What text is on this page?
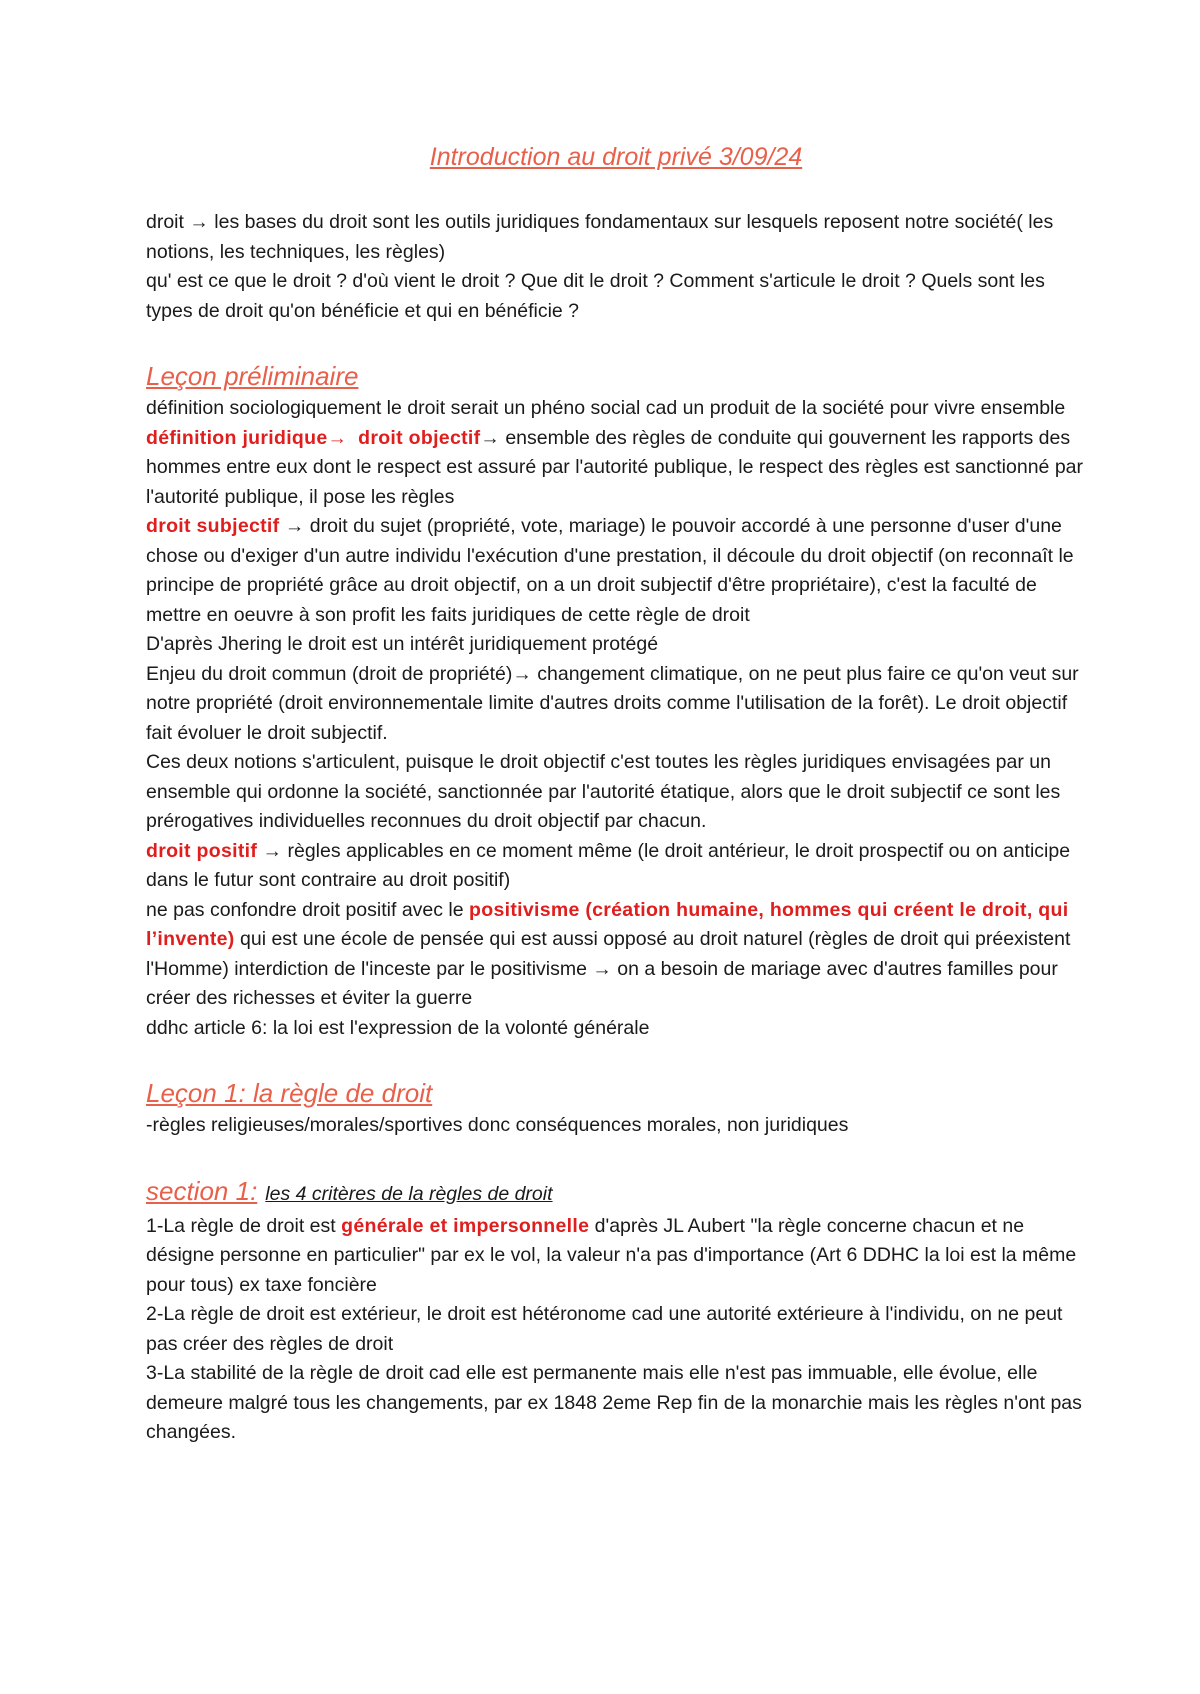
Introduction au droit privé 3/09/24

droit → les bases du droit sont les outils juridiques fondamentaux sur lesquels reposent notre société( les notions, les techniques, les règles)

qu' est ce que le droit ? d'où vient le droit ? Que dit le droit ? Comment s'articule le droit ? Quels sont les types de droit qu'on bénéficie et qui en bénéficie ?

Leçon préliminaire

définition sociologiquement le droit serait un phéno social cad un produit de la société pour vivre ensemble

définition juridique→ droit objectif→ ensemble des règles de conduite qui gouvernent les rapports des hommes entre eux dont le respect est assuré par l'autorité publique, le respect des règles est sanctionné par l'autorité publique, il pose les règles

droit subjectif → droit du sujet (propriété, vote, mariage) le pouvoir accordé à une personne d'user d'une chose ou d'exiger d'un autre individu l'exécution d'une prestation, il découle du droit objectif (on reconnaît le principe de propriété grâce au droit objectif, on a un droit subjectif d'être propriétaire), c'est la faculté de mettre en oeuvre à son profit les faits juridiques de cette règle de droit

D'après Jhering le droit est un intérêt juridiquement protégé

Enjeu du droit commun (droit de propriété)→ changement climatique, on ne peut plus faire ce qu'on veut sur notre propriété (droit environnementale limite d'autres droits comme l'utilisation de la forêt). Le droit objectif fait évoluer le droit subjectif.

Ces deux notions s'articulent, puisque le droit objectif c'est toutes les règles juridiques envisagées par un ensemble qui ordonne la société, sanctionnée par l'autorité étatique, alors que le droit subjectif ce sont les prérogatives individuelles reconnues du droit objectif par chacun.

droit positif → règles applicables en ce moment même (le droit antérieur, le droit prospectif ou on anticipe dans le futur sont contraire au droit positif)

ne pas confondre droit positif avec le positivisme (création humaine, hommes qui créent le droit, qui l’invente) qui est une école de pensée qui est aussi opposé au droit naturel (règles de droit qui préexistent l'Homme) interdiction de l'inceste par le positivisme → on a besoin de mariage avec d'autres familles pour créer des richesses et éviter la guerre

ddhc article 6: la loi est l'expression de la volonté générale

Leçon 1: la règle de droit

-règles religieuses/morales/sportives donc conséquences morales, non juridiques

section 1: les 4 critères de la règles de droit

1-La règle de droit est générale et impersonnelle d'après JL Aubert "la règle concerne chacun et ne désigne personne en particulier" par ex le vol, la valeur n'a pas d'importance (Art 6 DDHC la loi est la même pour tous) ex taxe foncière

2-La règle de droit est extérieur, le droit est hétéronome cad une autorité extérieure à l'individu, on ne peut pas créer des règles de droit

3-La stabilité de la règle de droit cad elle est permanente mais elle n'est pas immuable, elle évolue, elle demeure malgré tous les changements, par ex 1848 2eme Rep fin de la monarchie mais les règles n'ont pas changées.
